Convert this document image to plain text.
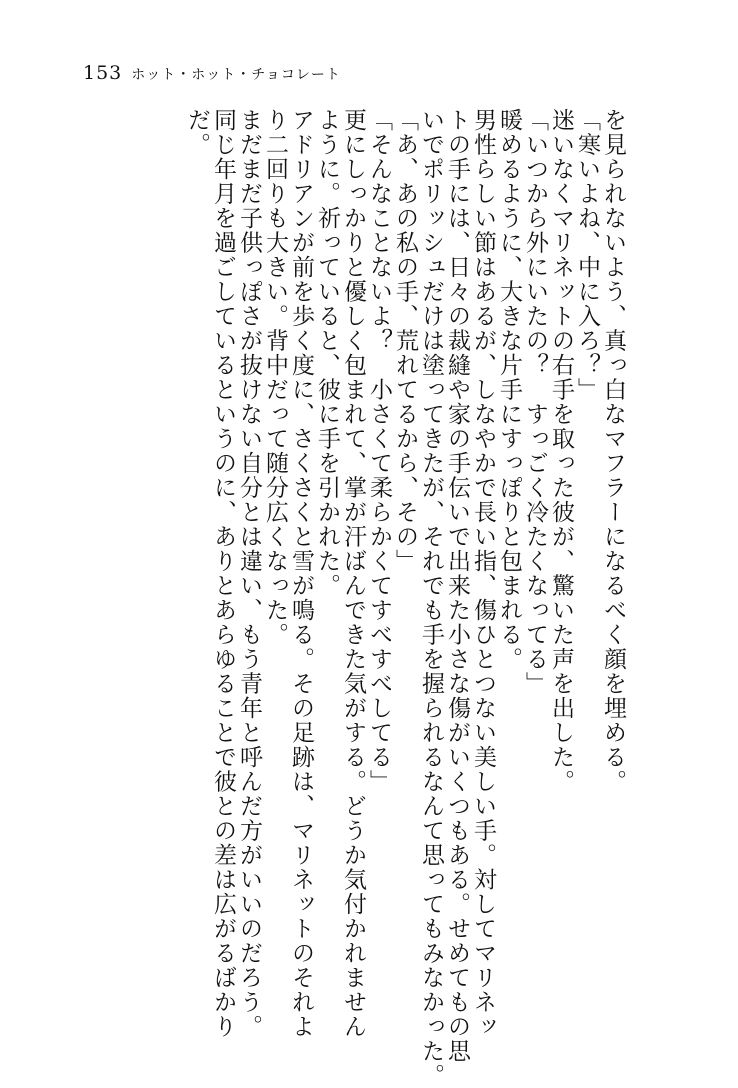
153 ホット・ホット・チョコレート
を見られないよう、真っ白なマフラーになるべく顔を埋める。
「寒いよね、中に入ろ？」
迷いなくマリネットの右手を取った彼が、驚いた声を出した。
「いつから外にいたの？　すっごく冷たくなってる」
暖めるように、大きな片手にすっぽりと包まれる。
男性らしい節はあるが、しなやかで長い指、傷ひとつない美しい手。対してマリネッ
トの手には、日々の裁縫や家の手伝いで出来た小さな傷がいくつもある。せめてもの思
いでポリッシュだけは塗ってきたが、それでも手を握られるなんて思ってもみなかった。
「あ、あの私の手、荒れてるから、その」
「そんなことないよ？　小さくて柔らかくてすべすべしてる」
更にしっかりと優しく包まれて、掌が汗ばんできた気がする。どうか気付かれません
ように。祈っていると、彼に手を引かれた。
アドリアンが前を歩く度に、さくさくと雪が鳴る。その足跡は、マリネットのそれよ
り二回りも大きい。背中だって随分広くなった。
まだまだ子供っぽさが抜けない自分とは違い、もう青年と呼んだ方がいいのだろう。
同じ年月を過ごしているというのに、ありとあらゆることで彼との差は広がるばかり
だ。
